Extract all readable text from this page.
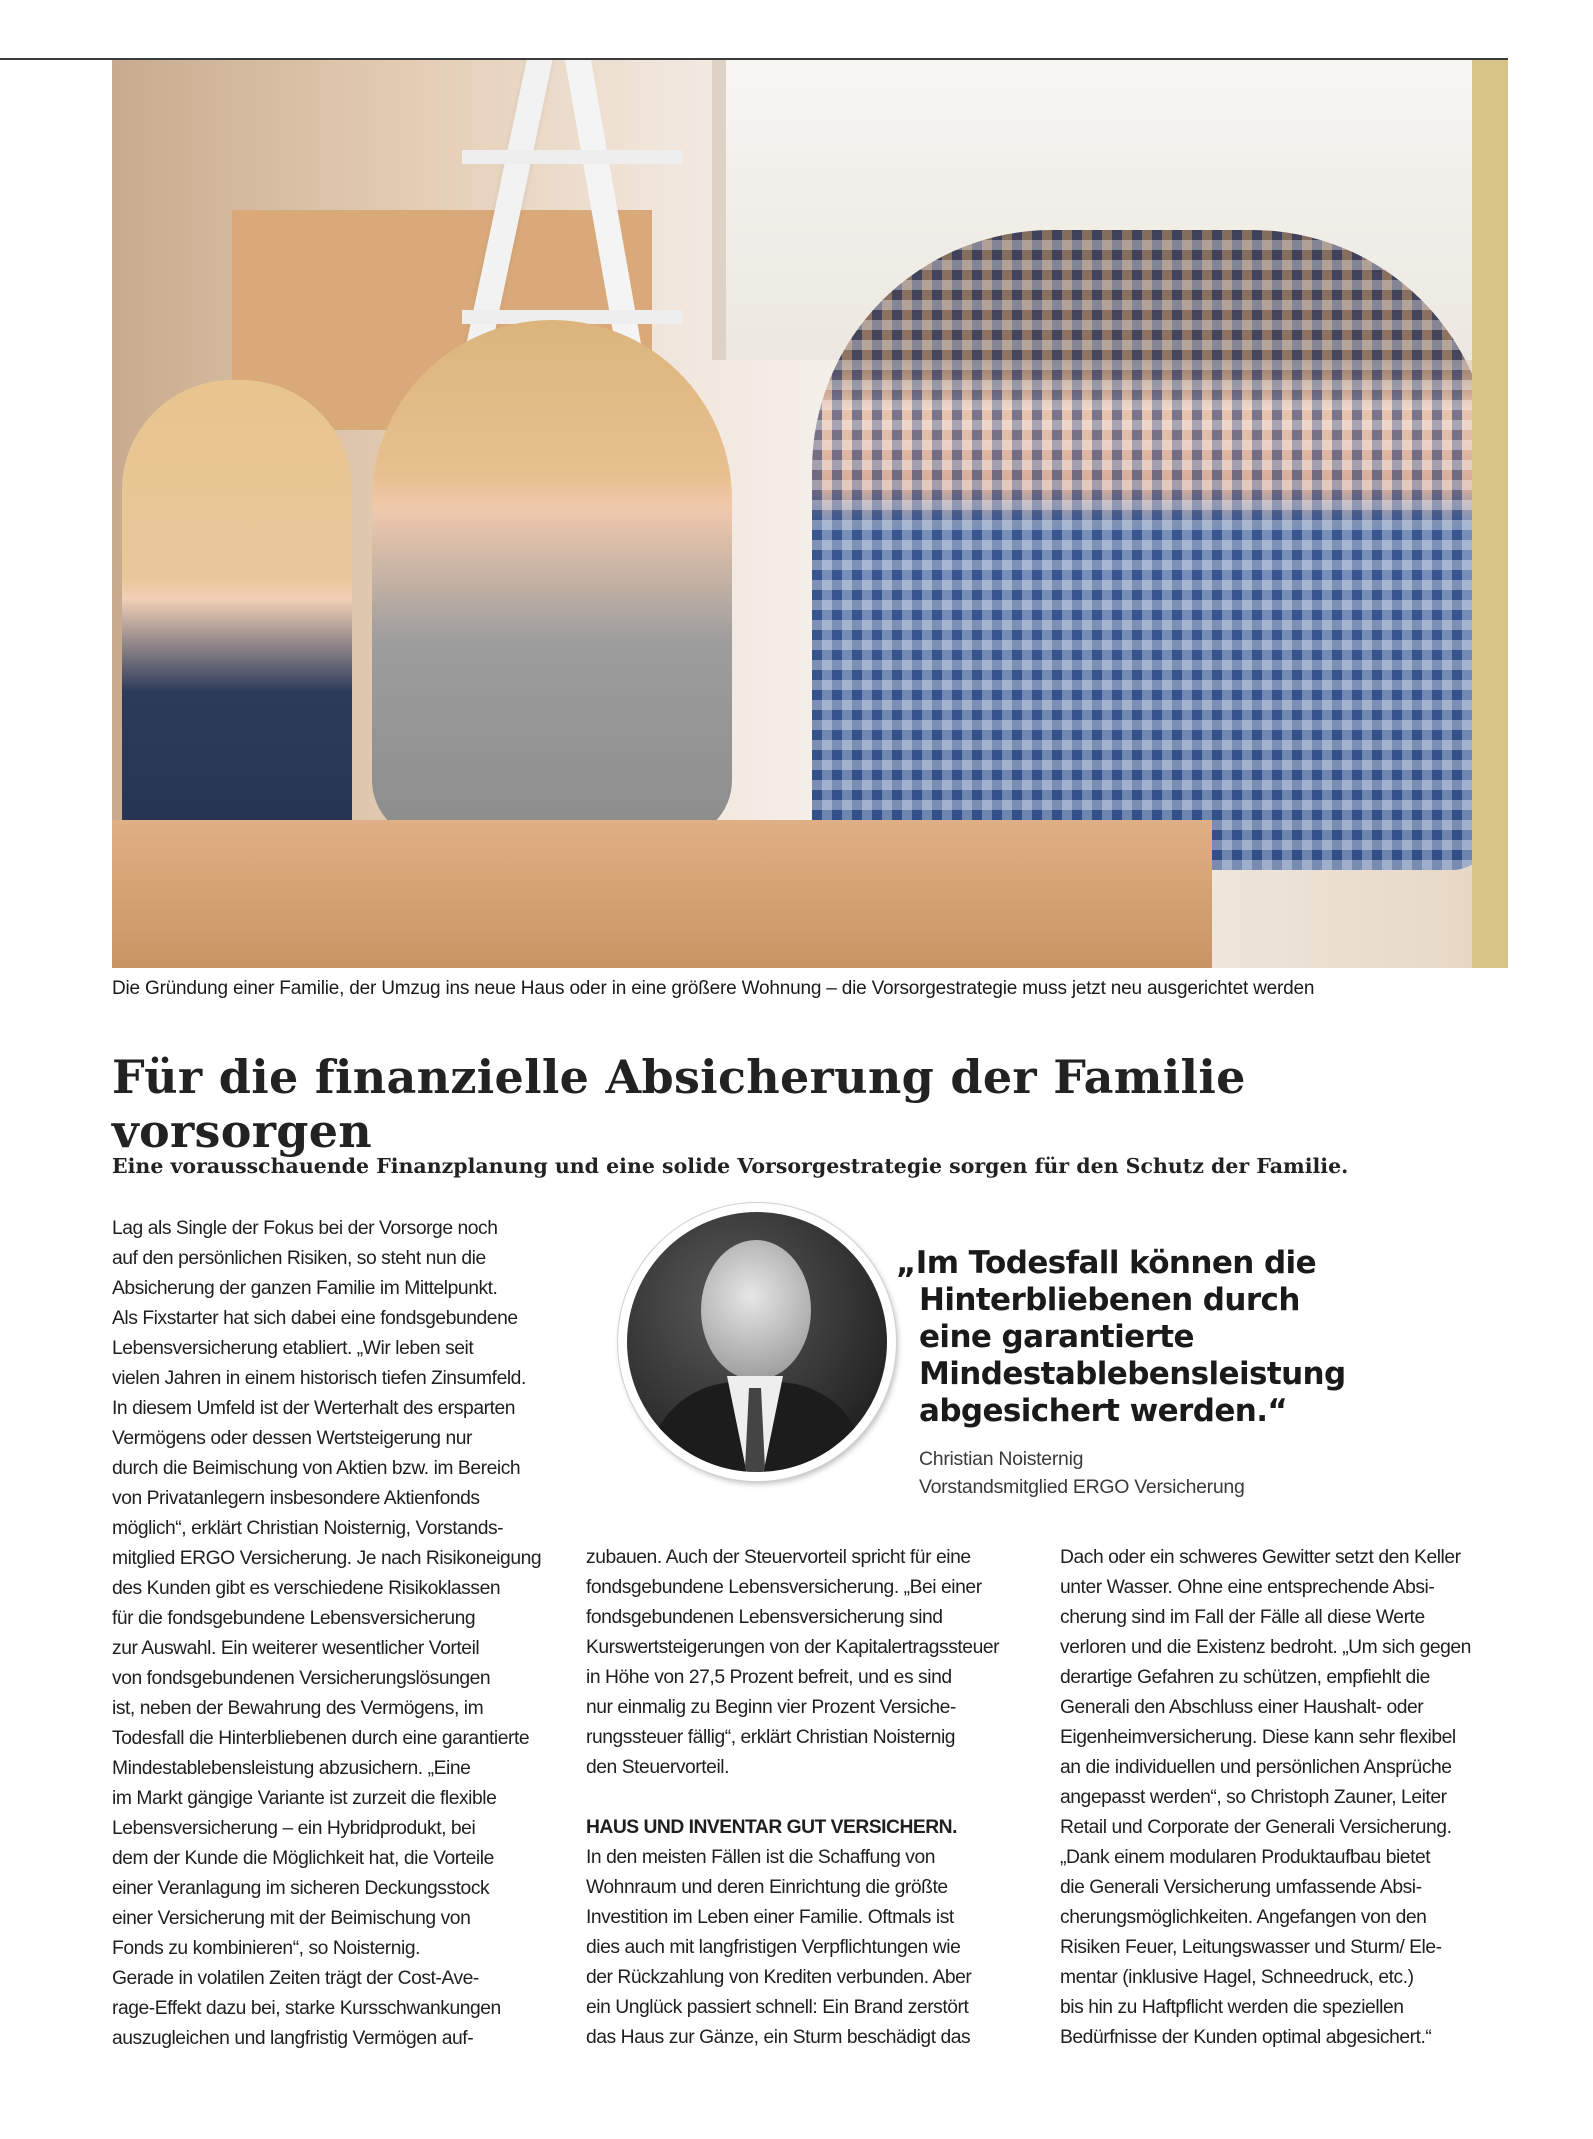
Die Gründung einer Familie, der Umzug ins neue Haus oder in eine größere Wohnung – die Vorsorgestrategie muss jetzt neu ausgerichtet werden
Für die finanzielle Absicherung der Familie vorsorgen
Eine vorausschauende Finanzplanung und eine solide Vorsorgestrategie sorgen für den Schutz der Familie.

Lag als Single der Fokus bei der Vorsorge noch

auf den persönlichen Risiken, so steht nun die

Absicherung der ganzen Familie im Mittelpunkt.

Als Fixstarter hat sich dabei eine fondsgebundene

Lebensversicherung etabliert. „Wir leben seit

vielen Jahren in einem historisch tiefen Zinsumfeld.

In diesem Umfeld ist der Werterhalt des ersparten

Vermögens oder dessen Wertsteigerung nur

durch die Beimischung von Aktien bzw. im Bereich

von Privatanlegern insbesondere Aktienfonds

möglich“, erklärt Christian Noisternig, Vorstands-

mitglied ERGO Versicherung. Je nach Risikoneigung

des Kunden gibt es verschiedene Risikoklassen

für die fondsgebundene Lebensversicherung

zur Auswahl. Ein weiterer wesentlicher Vorteil

von fondsgebundenen Versicherungslösungen

ist, neben der Bewahrung des Vermögens, im

Todesfall die Hinterbliebenen durch eine garantierte

Mindestablebensleistung abzusichern. „Eine

im Markt gängige Variante ist zurzeit die flexible

Lebensversicherung – ein Hybridprodukt, bei

dem der Kunde die Möglichkeit hat, die Vorteile

einer Veranlagung im sicheren Deckungsstock

einer Versicherung mit der Beimischung von

Fonds zu kombinieren“, so Noisternig.

Gerade in volatilen Zeiten trägt der Cost-Ave-

rage-Effekt dazu bei, starke Kursschwankungen

auszugleichen und langfristig Vermögen auf-

„Im Todesfall können die
Hinterbliebenen durch
eine garantierte
Mindestablebensleistung
abgesichert werden.“
Christian Noisternig
Vorstandsmitglied ERGO Versicherung

zubauen. Auch der Steuervorteil spricht für eine

fondsgebundene Lebensversicherung. „Bei einer

fondsgebundenen Lebensversicherung sind

Kurswertsteigerungen von der Kapitalertragssteuer

in Höhe von 27,5 Prozent befreit, und es sind

nur einmalig zu Beginn vier Prozent Versiche-

rungssteuer fällig“, erklärt Christian Noisternig

den Steuervorteil.

HAUS UND INVENTAR GUT VERSICHERN.

In den meisten Fällen ist die Schaffung von

Wohnraum und deren Einrichtung die größte

Investition im Leben einer Familie. Oftmals ist

dies auch mit langfristigen Verpflichtungen wie

der Rückzahlung von Krediten verbunden. Aber

ein Unglück passiert schnell: Ein Brand zerstört

das Haus zur Gänze, ein Sturm beschädigt das

Dach oder ein schweres Gewitter setzt den Keller

unter Wasser. Ohne eine entsprechende Absi-

cherung sind im Fall der Fälle all diese Werte

verloren und die Existenz bedroht. „Um sich gegen

derartige Gefahren zu schützen, empfiehlt die

Generali den Abschluss einer Haushalt- oder

Eigenheimversicherung. Diese kann sehr flexibel

an die individuellen und persönlichen Ansprüche

angepasst werden“, so Christoph Zauner, Leiter

Retail und Corporate der Generali Versicherung.

„Dank einem modularen Produktaufbau bietet

die Generali Versicherung umfassende Absi-

cherungsmöglichkeiten. Angefangen von den

Risiken Feuer, Leitungswasser und Sturm/ Ele-

mentar (inklusive Hagel, Schneedruck, etc.)

bis hin zu Haftpflicht werden die speziellen

Bedürfnisse der Kunden optimal abgesichert.“
